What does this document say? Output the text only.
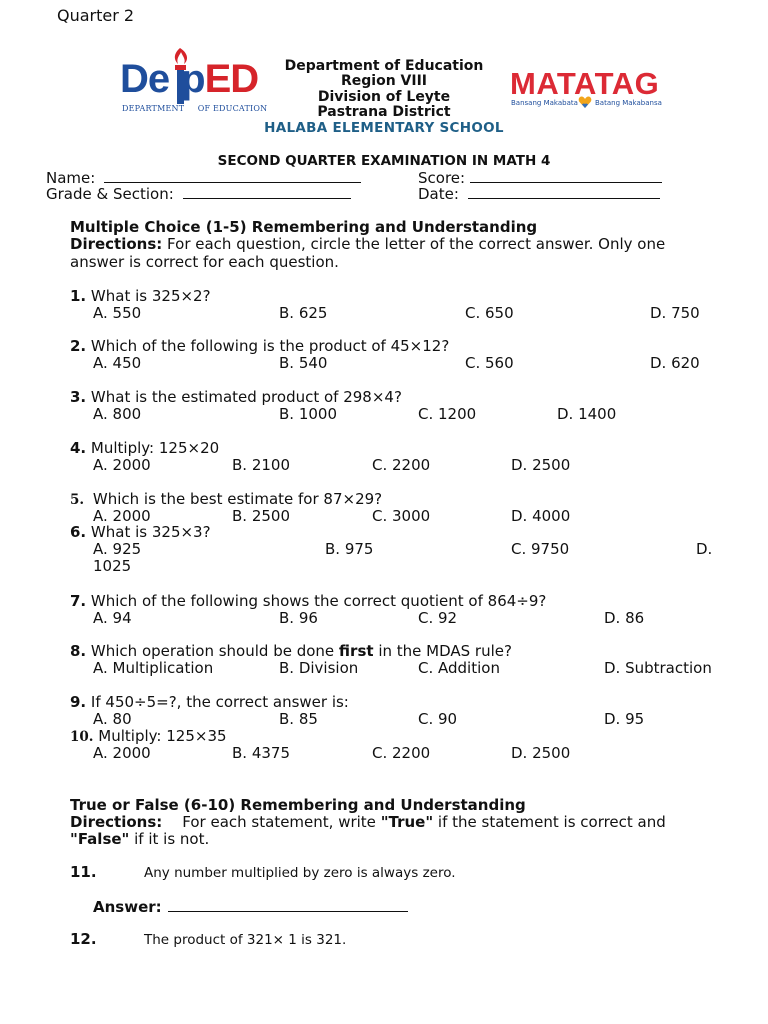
Quarter 2
De pED
DEPARTMENT OF EDUCATION
Department of Education
Region VIII
Division of Leyte
Pastrana District
HALABA ELEMENTARY SCHOOL
MATATAG
Bansang Makabata Batang Makabansa
SECOND QUARTER EXAMINATION IN MATH 4
Name:	Score:
Grade & Section:	Date:
Multiple Choice (1-5) Remembering and Understanding
Directions: For each question, circle the letter of the correct answer. Only one
answer is correct for each question.
1. What is 325×2?
A. 550	B. 625	C. 650	D. 750
2. Which of the following is the product of 45×12?
A. 450	B. 540	C. 560	D. 620
3. What is the estimated product of 298×4?
A. 800	B. 1000	C. 1200	D. 1400
4. Multiply: 125×20
A. 2000	B. 2100	C. 2200	D. 2500
5. Which is the best estimate for 87×29?
A. 2000	B. 2500	C. 3000	D. 4000
6. What is 325×3?
A. 925	B. 975	C. 9750	D.
1025
7. Which of the following shows the correct quotient of 864÷9?
A. 94	B. 96	C. 92	D. 86
8. Which operation should be done first in the MDAS rule?
A. Multiplication	B. Division	C. Addition	D. Subtraction
9. If 450÷5=?, the correct answer is:
A. 80	B. 85	C. 90	D. 95
10. Multiply: 125×35
A. 2000	B. 4375	C. 2200	D. 2500
True or False (6-10) Remembering and Understanding
Directions: For each statement, write "True" if the statement is correct and
"False" if it is not.
11.	Any number multiplied by zero is always zero.
Answer:
12.	The product of 321× 1 is 321.
